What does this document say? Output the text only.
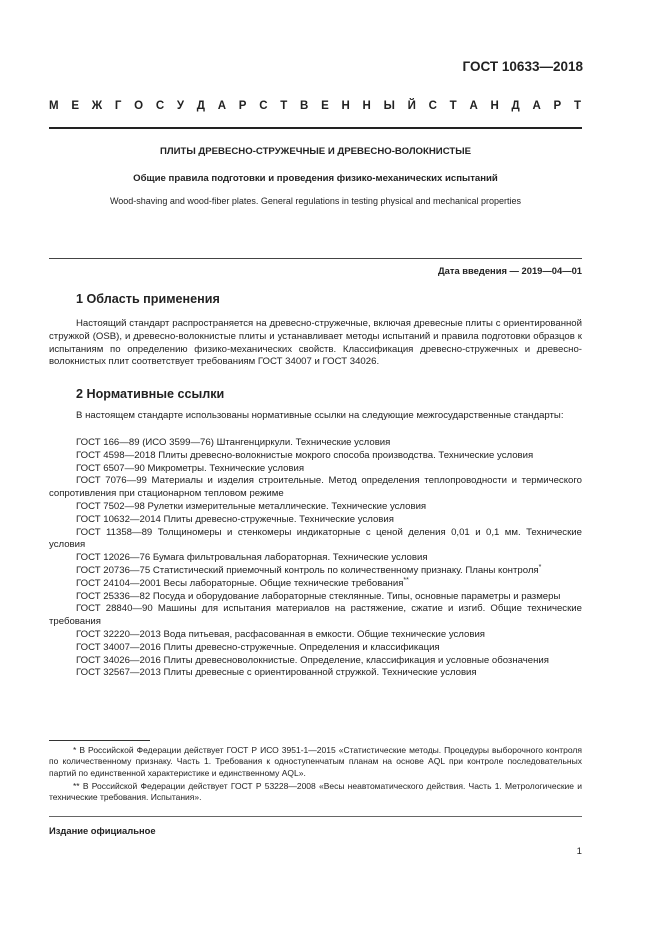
ГОСТ 10633—2018
М Е Ж Г О С У Д А Р С Т В Е Н Н Ы Й С Т А Н Д А Р Т
ПЛИТЫ ДРЕВЕСНО-СТРУЖЕЧНЫЕ И ДРЕВЕСНО-ВОЛОКНИСТЫЕ
Общие правила подготовки и проведения физико-механических испытаний
Wood-shaving and wood-fiber plates. General regulations in testing physical and mechanical properties
Дата введения — 2019—04—01
1 Область применения

Настоящий стандарт распространяется на древесно-стружечные, включая древесные плиты с ориентированной стружкой (OSB), и древесно-волокнистые плиты и устанавливает методы испытаний и правила подготовки образцов к испытаниям по определению физико-механических свойств. Классификация древесно-стружечных и древесно-волокнистых плит соответствует требованиям ГОСТ 34007 и ГОСТ 34026.

2 Нормативные ссылки

В настоящем стандарте использованы нормативные ссылки на следующие межгосударственные стандарты:

ГОСТ 166—89 (ИСО 3599—76) Штангенциркули. Технические условия

ГОСТ 4598—2018 Плиты древесно-волокнистые мокрого способа производства. Технические условия

ГОСТ 6507—90 Микрометры. Технические условия

ГОСТ 7076—99 Материалы и изделия строительные. Метод определения теплопроводности и термического сопротивления при стационарном тепловом режиме

ГОСТ 7502—98 Рулетки измерительные металлические. Технические условия

ГОСТ 10632—2014 Плиты древесно-стружечные. Технические условия

ГОСТ 11358—89 Толщиномеры и стенкомеры индикаторные с ценой деления 0,01 и 0,1 мм. Технические условия

ГОСТ 12026—76 Бумага фильтровальная лабораторная. Технические условия

ГОСТ 20736—75 Статистический приемочный контроль по количественному признаку. Планы контроля*

ГОСТ 24104—2001 Весы лабораторные. Общие технические требования**

ГОСТ 25336—82 Посуда и оборудование лабораторные стеклянные. Типы, основные параметры и размеры

ГОСТ 28840—90 Машины для испытания материалов на растяжение, сжатие и изгиб. Общие технические требования

ГОСТ 32220—2013 Вода питьевая, расфасованная в емкости. Общие технические условия

ГОСТ 34007—2016 Плиты древесно-стружечные. Определения и классификация

ГОСТ 34026—2016 Плиты древесноволокнистые. Определение, классификация и условные обозначения

ГОСТ 32567—2013 Плиты древесные с ориентированной стружкой. Технические условия

* В Российской Федерации действует ГОСТ Р ИСО 3951-1—2015 «Статистические методы. Процедуры выборочного контроля по количественному признаку. Часть 1. Требования к одноступенчатым планам на основе AQL при контроле последовательных партий по единственной характеристике и единственному AQL».

** В Российской Федерации действует ГОСТ Р 53228—2008 «Весы неавтоматического действия. Часть 1. Метрологические и технические требования. Испытания».

Издание официальное
1
